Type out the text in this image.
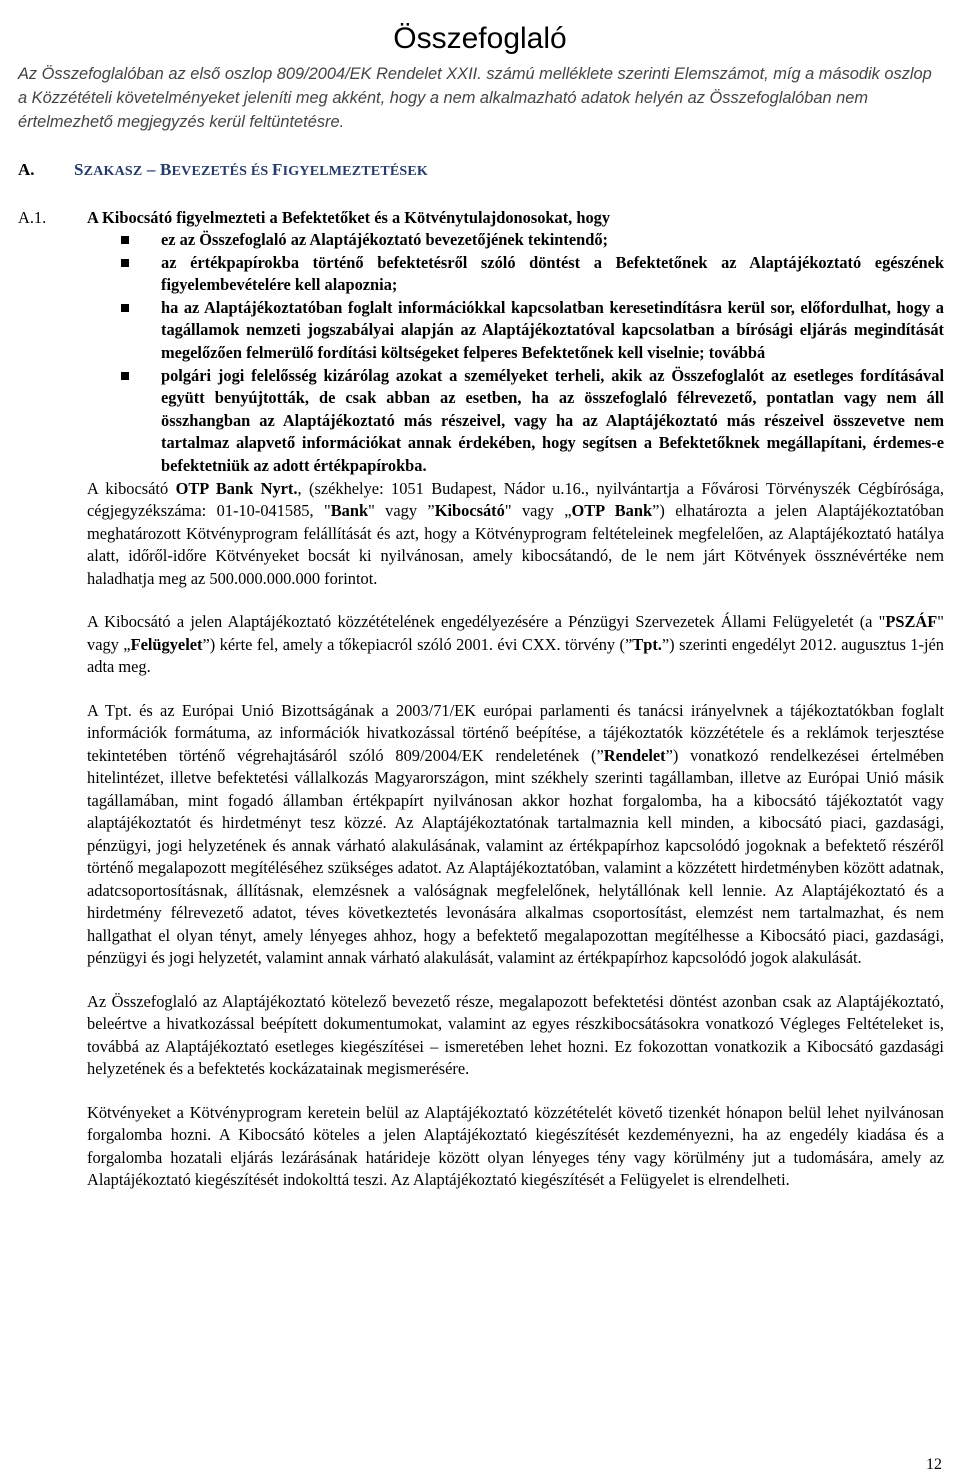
Összefoglaló

Az Összefoglalóban az első oszlop 809/2004/EK Rendelet XXII. számú melléklete szerinti Elemszámot, míg a második oszlop a Közzétételi követelményeket jeleníti meg akként, hogy a nem alkalmazható adatok helyén az Összefoglalóban nem értelmezhető megjegyzés kerül feltüntetésre.

A. SZAKASZ – BEVEZETÉS ÉS FIGYELMEZTETÉSEK
A.1. A Kibocsátó figyelmezteti a Befektetőket és a Kötvénytulajdonosokat, hogy

ez az Összefoglaló az Alaptájékoztató bevezetőjének tekintendő;
az értékpapírokba történő befektetésről szóló döntést a Befektetőnek az Alaptájékoztató egészének figyelembevételére kell alapoznia;
ha az Alaptájékoztatóban foglalt információkkal kapcsolatban keresetindításra kerül sor, előfordulhat, hogy a tagállamok nemzeti jogszabályai alapján az Alaptájékoztatóval kapcsolatban a bírósági eljárás megindítását megelőzően felmerülő fordítási költségeket felperes Befektetőnek kell viselnie; továbbá
polgári jogi felelősség kizárólag azokat a személyeket terheli, akik az Összefoglalót az esetleges fordításával együtt benyújtották, de csak abban az esetben, ha az összefoglaló félrevezető, pontatlan vagy nem áll összhangban az Alaptájékoztató más részeivel, vagy ha az Alaptájékoztató más részeivel összevetve nem tartalmaz alapvető információkat annak érdekében, hogy segítsen a Befektetőknek megállapítani, érdemes-e befektetniük az adott értékpapírokba.

A kibocsátó OTP Bank Nyrt., (székhelye: 1051 Budapest, Nádor u.16., nyilvántartja a Fővárosi Törvényszék Cégbírósága, cégjegyzékszáma: 01-10-041585, "Bank" vagy ”Kibocsátó" vagy „OTP Bank”) elhatározta a jelen Alaptájékoztatóban meghatározott Kötvényprogram felállítását és azt, hogy a Kötvényprogram feltételeinek megfelelően, az Alaptájékoztató hatálya alatt, időről-időre Kötvényeket bocsát ki nyilvánosan, amely kibocsátandó, de le nem járt Kötvények össznévértéke nem haladhatja meg az 500.000.000.000 forintot.

A Kibocsátó a jelen Alaptájékoztató közzétételének engedélyezésére a Pénzügyi Szervezetek Állami Felügyeletét (a "PSZÁF" vagy „Felügyelet”) kérte fel, amely a tőkepiacról szóló 2001. évi CXX. törvény (”Tpt.”) szerinti engedélyt 2012. augusztus 1-jén adta meg.

A Tpt. és az Európai Unió Bizottságának a 2003/71/EK európai parlamenti és tanácsi irányelvnek a tájékoztatókban foglalt információk formátuma, az információk hivatkozással történő beépítése, a tájékoztatók közzététele és a reklámok terjesztése tekintetében történő végrehajtásáról szóló 809/2004/EK rendeletének (”Rendelet”) vonatkozó rendelkezései értelmében hitelintézet, illetve befektetési vállalkozás Magyarországon, mint székhely szerinti tagállamban, illetve az Európai Unió másik tagállamában, mint fogadó államban értékpapírt nyilvánosan akkor hozhat forgalomba, ha a kibocsátó tájékoztatót vagy alaptájékoztatót és hirdetményt tesz közzé. Az Alaptájékoztatónak tartalmaznia kell minden, a kibocsátó piaci, gazdasági, pénzügyi, jogi helyzetének és annak várható alakulásának, valamint az értékpapírhoz kapcsolódó jogoknak a befektető részéről történő megalapozott megítéléséhez szükséges adatot. Az Alaptájékoztatóban, valamint a közzétett hirdetményben között adatnak, adatcsoportosításnak, állításnak, elemzésnek a valóságnak megfelelőnek, helytállónak kell lennie. Az Alaptájékoztató és a hirdetmény félrevezető adatot, téves következtetés levonására alkalmas csoportosítást, elemzést nem tartalmazhat, és nem hallgathat el olyan tényt, amely lényeges ahhoz, hogy a befektető megalapozottan megítélhesse a Kibocsátó piaci, gazdasági, pénzügyi és jogi helyzetét, valamint annak várható alakulását, valamint az értékpapírhoz kapcsolódó jogok alakulását.

Az Összefoglaló az Alaptájékoztató kötelező bevezető része, megalapozott befektetési döntést azonban csak az Alaptájékoztató, beleértve a hivatkozással beépített dokumentumokat, valamint az egyes részkibocsátásokra vonatkozó Végleges Feltételeket is, továbbá az Alaptájékoztató esetleges kiegészítései – ismeretében lehet hozni. Ez fokozottan vonatkozik a Kibocsátó gazdasági helyzetének és a befektetés kockázatainak megismerésére.

Kötvényeket a Kötvényprogram keretein belül az Alaptájékoztató közzétételét követő tizenkét hónapon belül lehet nyilvánosan forgalomba hozni. A Kibocsátó köteles a jelen Alaptájékoztató kiegészítését kezdeményezni, ha az engedély kiadása és a forgalomba hozatali eljárás lezárásának határideje között olyan lényeges tény vagy körülmény jut a tudomására, amely az Alaptájékoztató kiegészítését indokolttá teszi. Az Alaptájékoztató kiegészítését a Felügyelet is elrendelheti.

12
